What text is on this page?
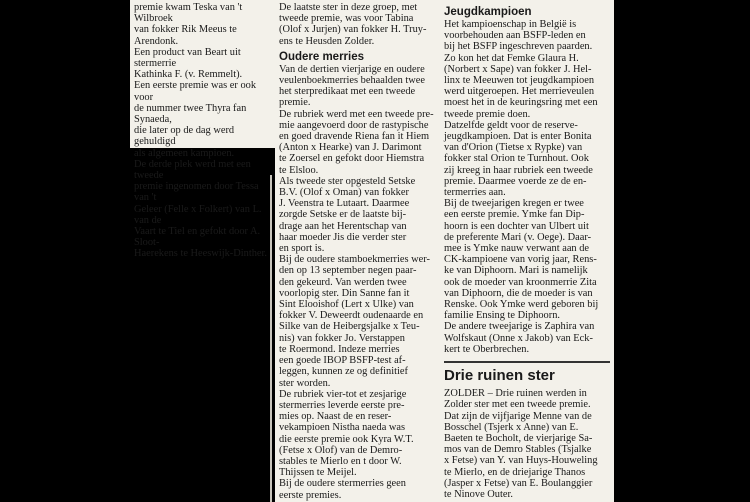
premie kwam Teska van 't Wilbroek

van fokker Rik Meeus te Arendonk.

Een product van Beart uit stermerrie

Kathinka F. (v. Remmelt).

Een eerste premie was er ook voor

de nummer twee Thyra fan Synaeda,

die later op de dag werd gehuldigd

als algemeen kampioen.

De derde plek werd met een tweede

premie ingenomen door Tessa van 't

Geleer (Felle x Folkert) van L. van de

Vaart te Tiel en gefokt door A. Sloot-

Haerekens te Heeswijk-Dinther.

De laatste ster in deze groep, met

tweede premie, was voor Tabina

(Olof x Jurjen) van fokker H. Truy-

ens te Heusden Zolder.

Oudere merries

Van de dertien vierjarige en oudere

veulenboekmerries behaalden twee

het sterpredikaat met een tweede

premie.

De rubriek werd met een tweede pre-

mie aangevoerd door de rastypische

en goed dravende Riena fan it Hiem

(Anton x Hearke) van J. Darimont

te Zoersel en gefokt door Hiemstra

te Elsloo.

Als tweede ster opgesteld Setske

B.V. (Olof x Oman) van fokker

J. Veenstra te Lutaart. Daarmee

zorgde Setske er de laatste bij-

drage aan het Herentschap van

haar moeder Jis die verder ster

en sport is.

Bij de oudere stamboekmerries wer-

den op 13 september negen paar-

den gekeurd. Van werden twee

voorlopig ster. Din Sanne fan it

Sint Elooishof (Lert x Ulke) van

fokker V. Deweerdt oudenaarde en

Silke van de Heibergsjalke x Teu-

nis) van fokker Jo. Verstappen

te Roermond. Indeze merries

een goede IBOP BSFP-test af-

leggen, kunnen ze og definitief

ster worden.

De rubriek vier-tot et zesjarige

stermerries leverde eerste pre-

mies op. Naast de en reser-

vekampioen Nistha naeda was

die eerste premie ook Kyra W.T.

(Fetse x Olof) van de Demro-

stables te Mierlo en t door W.

Thijssen te Meijel.

Bij de oudere stermerries geen

eerste premies.

Jeugdkampioen

Het kampioenschap in België is

voorbehouden aan BSFP-leden en

bij het BSFP ingeschreven paarden.

Zo kon het dat Femke Glaura H.

(Norbert x Sape) van fokker J. Hel-

linx te Meeuwen tot jeugdkampioen

werd uitgeroepen. Het merrieveulen

moest het in de keuringsring met een

tweede premie doen.

Datzelfde geldt voor de reserve-

jeugdkampioen. Dat is enter Bonita

van d'Orion (Tietse x Rypke) van

fokker stal Orion te Turnhout. Ook

zij kreeg in haar rubriek een tweede

premie. Daarmee voerde ze de en-

termerries aan.

Bij de tweejarigen kregen er twee

een eerste premie. Ymke fan Dip-

hoorn is een dochter van Ulbert uit

de preferente Mari (v. Oege). Daar-

mee is Ymke nauw verwant aan de

CK-kampioene van vorig jaar, Rens-

ke van Diphoorn. Mari is namelijk

ook de moeder van kroonmerrie Zita

van Diphoorn, die de moeder is van

Renske. Ook Ymke werd geboren bij

familie Ensing te Diphoorn.

De andere tweejarige is Zaphira van

Wolfskaut (Onne x Jakob) van Eck-

kert te Oberbrechen.

Drie ruinen ster

ZOLDER – Drie ruinen werden in

Zolder ster met een tweede premie.

Dat zijn de vijfjarige Menne van de

Bosschel (Tsjerk x Anne) van E.

Baeten te Bocholt, de vierjarige Sa-

mos van de Demro Stables (Tsjalke

x Fetse) van Y. van Huys-Houweling

te Mierlo, en de driejarige Thanos

(Jasper x Fetse) van E. Boulanggier

te Ninove Outer.
